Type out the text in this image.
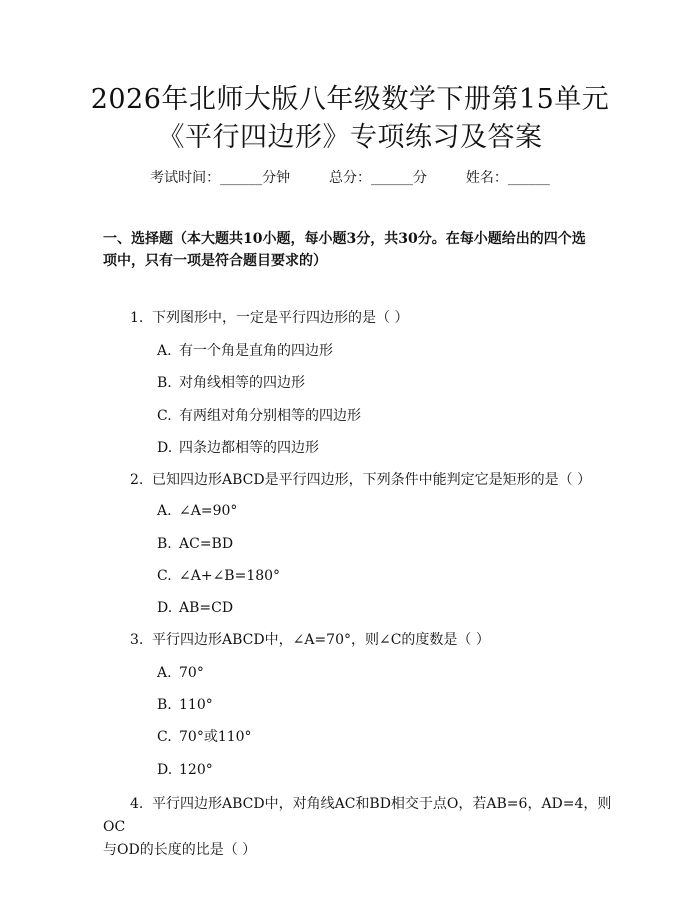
2026年北师大版八年级数学下册第15单元
《平行四边形》专项练习及答案
考试时间：______分钟	总分：______分	姓名：______
一、选择题（本大题共10小题，每小题3分，共30分。在每小题给出的四个选
项中，只有一项是符合题目要求的）
1. 下列图形中，一定是平行四边形的是（ ）
A. 有一个角是直角的四边形
B. 对角线相等的四边形
C. 有两组对角分别相等的四边形
D. 四条边都相等的四边形
2. 已知四边形ABCD是平行四边形，下列条件中能判定它是矩形的是（ ）
A. ∠A=90°
B. AC=BD
C. ∠A+∠B=180°
D. AB=CD
3. 平行四边形ABCD中，∠A=70°，则∠C的度数是（ ）
A. 70°
B. 110°
C. 70°或110°
D. 120°
4. 平行四边形ABCD中，对角线AC和BD相交于点O，若AB=6，AD=4，则OC
与OD的长度的比是（ ）
